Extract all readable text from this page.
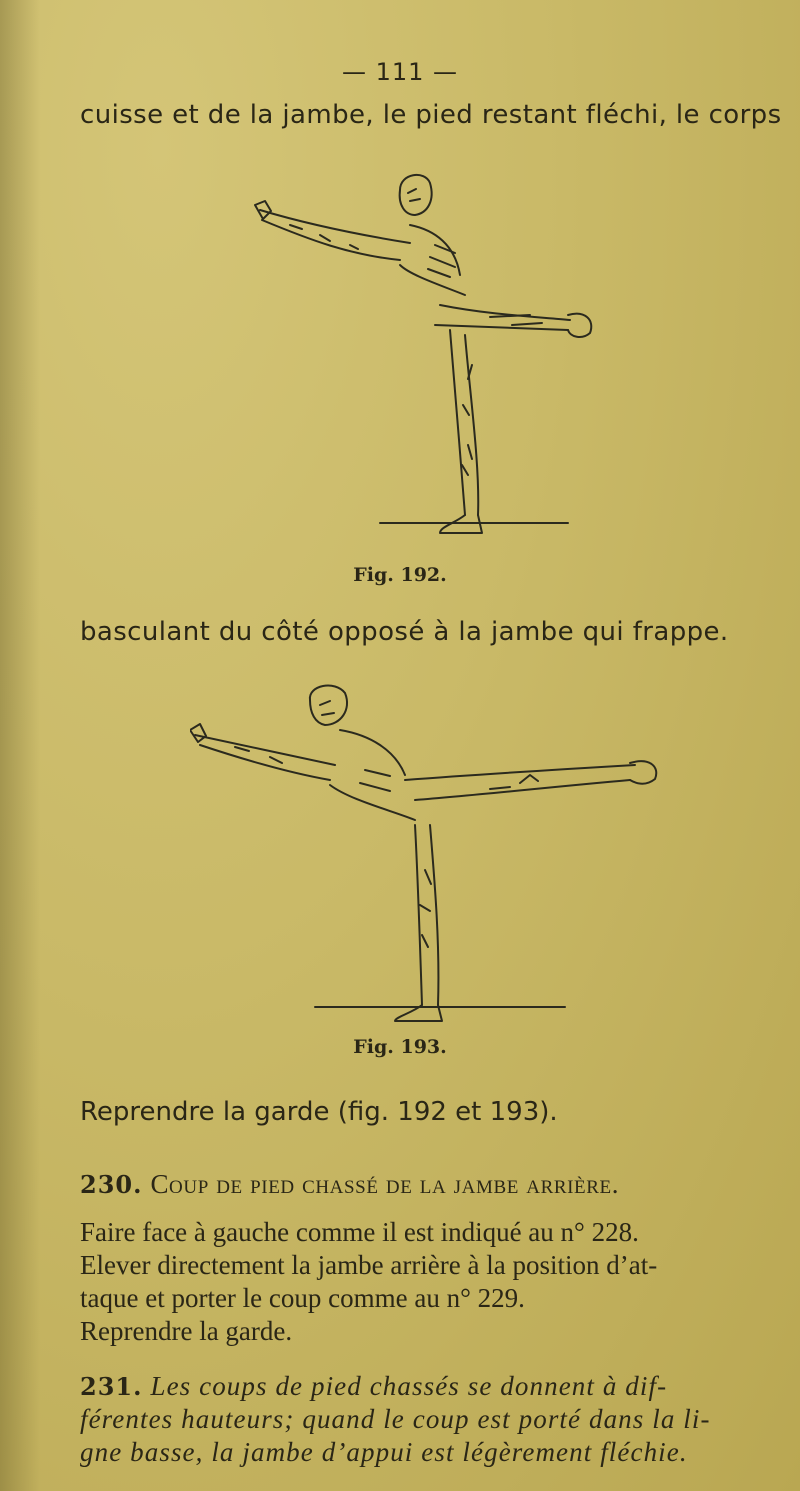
— 111 —
cuisse et de la jambe, le pied restant fléchi, le corps
Fig. 192.
basculant du côté opposé à la jambe qui frappe.
Fig. 193.
Reprendre la garde (fig. 192 et 193).
230. Coup de pied chassé de la jambe arrière.
Faire face à gauche comme il est indiqué au n° 228.
Elever directement la jambe arrière à la position d’at-
taque et porter le coup comme au n° 229.
Reprendre la garde.
231. Les coups de pied chassés se donnent à dif-
férentes hauteurs; quand le coup est porté dans la li-
gne basse, la jambe d’appui est légèrement fléchie.
